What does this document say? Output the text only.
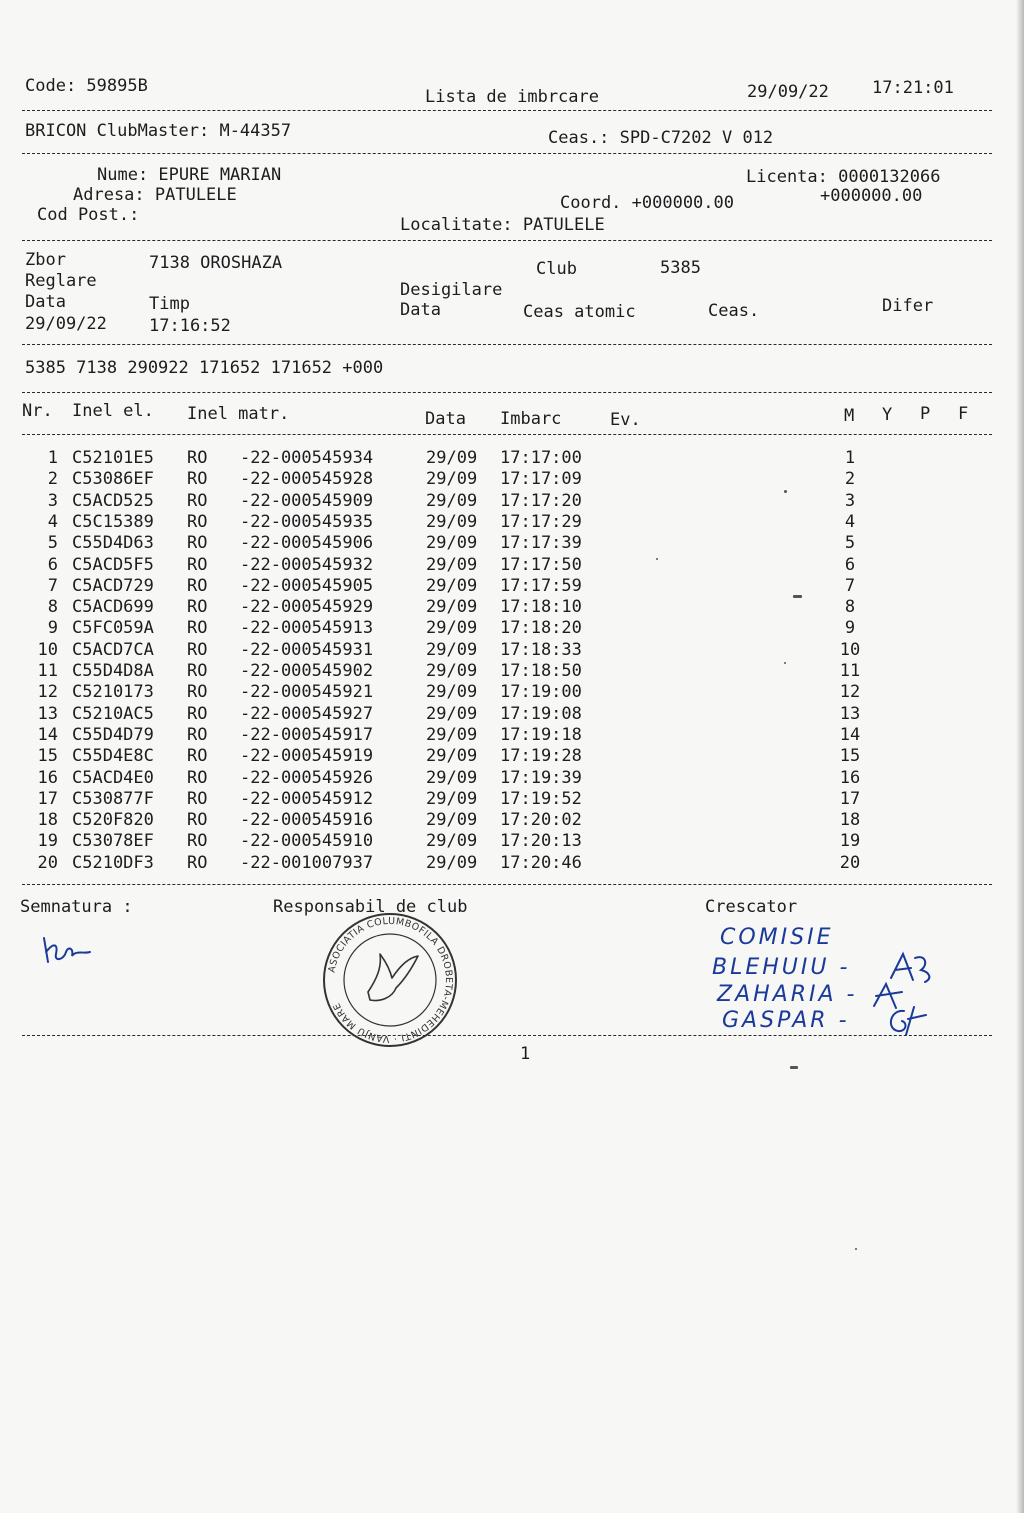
Code: 59895B
Lista de imbrcare	29/09/22	17:21:01
BRICON ClubMaster: M-44357	Ceas.: SPD-C7202 V 012
Nume: EPURE MARIAN
Adresa: PATULELE
Cod Post.:
Licenta: 0000132066
Coord. +000000.00	+000000.00
Localitate: PATULELE
Zbor	7138 OROSHAZA	Club	5385
Reglare	Desigilare
Data	Timp	Data	Ceas atomic	Ceas.	Difer
29/09/22 17:16:52
5385 7138 290922 171652 171652 +000
Nr. Inel el. Inel matr.	Data Imbarc	Ev.	M Y P F
1 C52101E5 RO -22-000545934	29/09 17:17:00	1
2 C53086EF RO -22-000545928	29/09 17:17:09	2
3 C5ACD525 RO -22-000545909	29/09 17:17:20	3
4 C5C15389 RO -22-000545935	29/09 17:17:29	4
5 C55D4D63 RO -22-000545906	29/09 17:17:39	5
6 C5ACD5F5 RO -22-000545932	29/09 17:17:50	6
7 C5ACD729 RO -22-000545905	29/09 17:17:59	7
8 C5ACD699 RO -22-000545929	29/09 17:18:10	8
9 C5FC059A RO -22-000545913	29/09 17:18:20	9
10 C5ACD7CA RO -22-000545931	29/09 17:18:33	10
11 C55D4D8A RO -22-000545902	29/09 17:18:50	11
12 C5210173 RO -22-000545921	29/09 17:19:00	12
13 C5210AC5 RO -22-000545927	29/09 17:19:08	13
14 C55D4D79 RO -22-000545917	29/09 17:19:18	14
15 C55D4E8C RO -22-000545919	29/09 17:19:28	15
16 C5ACD4E0 RO -22-000545926	29/09 17:19:39	16
17 C530877F RO -22-000545912	29/09 17:19:52	17
18 C520F820 RO -22-000545916	29/09 17:20:02	18
19 C53078EF RO -22-000545910	29/09 17:20:13	19
20 C5210DF3 RO -22-001007937	29/09 17:20:46	20
Semnatura :	Responsabil de club	Crescator
ASOCIATIA COLUMBOFILA DROBETA-MEHEDINTI · VANJU MARE
COMISIE
BLEHUIU -
ZAHARIA -
GASPAR -
1
